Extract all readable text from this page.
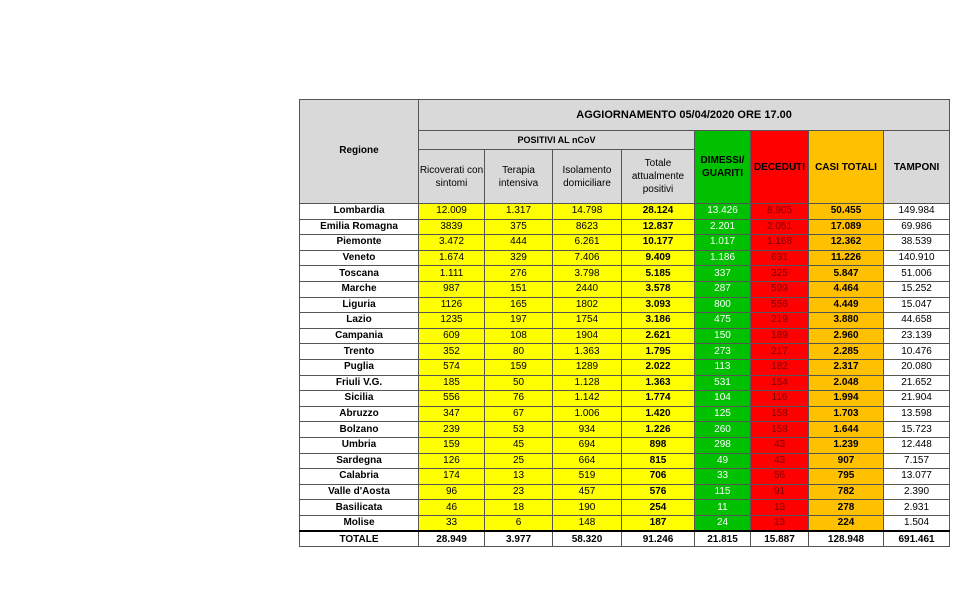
Regione	AGGIORNAMENTO 05/04/2020 ORE 17.00							
	POSITIVI AL nCoV				DIMESSI/ GUARITI	DECEDUTI	CASI TOTALI	TAMPONI
	Ricoverati con sintomi	Terapia intensiva	Isolamento domiciliare	Totale attualmente positivi				
Lombardia	12.009	1.317	14.798	28.124	13.426	8.905	50.455	149.984
Emilia Romagna	3839	375	8623	12.837	2.201	2.051	17.089	69.986
Piemonte	3.472	444	6.261	10.177	1.017	1.168	12.362	38.539
Veneto	1.674	329	7.406	9.409	1.186	631	11.226	140.910
Toscana	1.111	276	3.798	5.185	337	325	5.847	51.006
Marche	987	151	2440	3.578	287	599	4.464	15.252
Liguria	1126	165	1802	3.093	800	556	4.449	15.047
Lazio	1235	197	1754	3.186	475	219	3.880	44.658
Campania	609	108	1904	2.621	150	189	2.960	23.139
Trento	352	80	1.363	1.795	273	217	2.285	10.476
Puglia	574	159	1289	2.022	113	182	2.317	20.080
Friuli V.G.	185	50	1.128	1.363	531	154	2.048	21.652
Sicilia	556	76	1.142	1.774	104	116	1.994	21.904
Abruzzo	347	67	1.006	1.420	125	158	1.703	13.598
Bolzano	239	53	934	1.226	260	158	1.644	15.723
Umbria	159	45	694	898	298	43	1.239	12.448
Sardegna	126	25	664	815	49	43	907	7.157
Calabria	174	13	519	706	33	56	795	13.077
Valle d'Aosta	96	23	457	576	115	91	782	2.390
Basilicata	46	18	190	254	11	13	278	2.931
Molise	33	6	148	187	24	13	224	1.504
TOTALE	28.949	3.977	58.320	91.246	21.815	15.887	128.948	691.461
